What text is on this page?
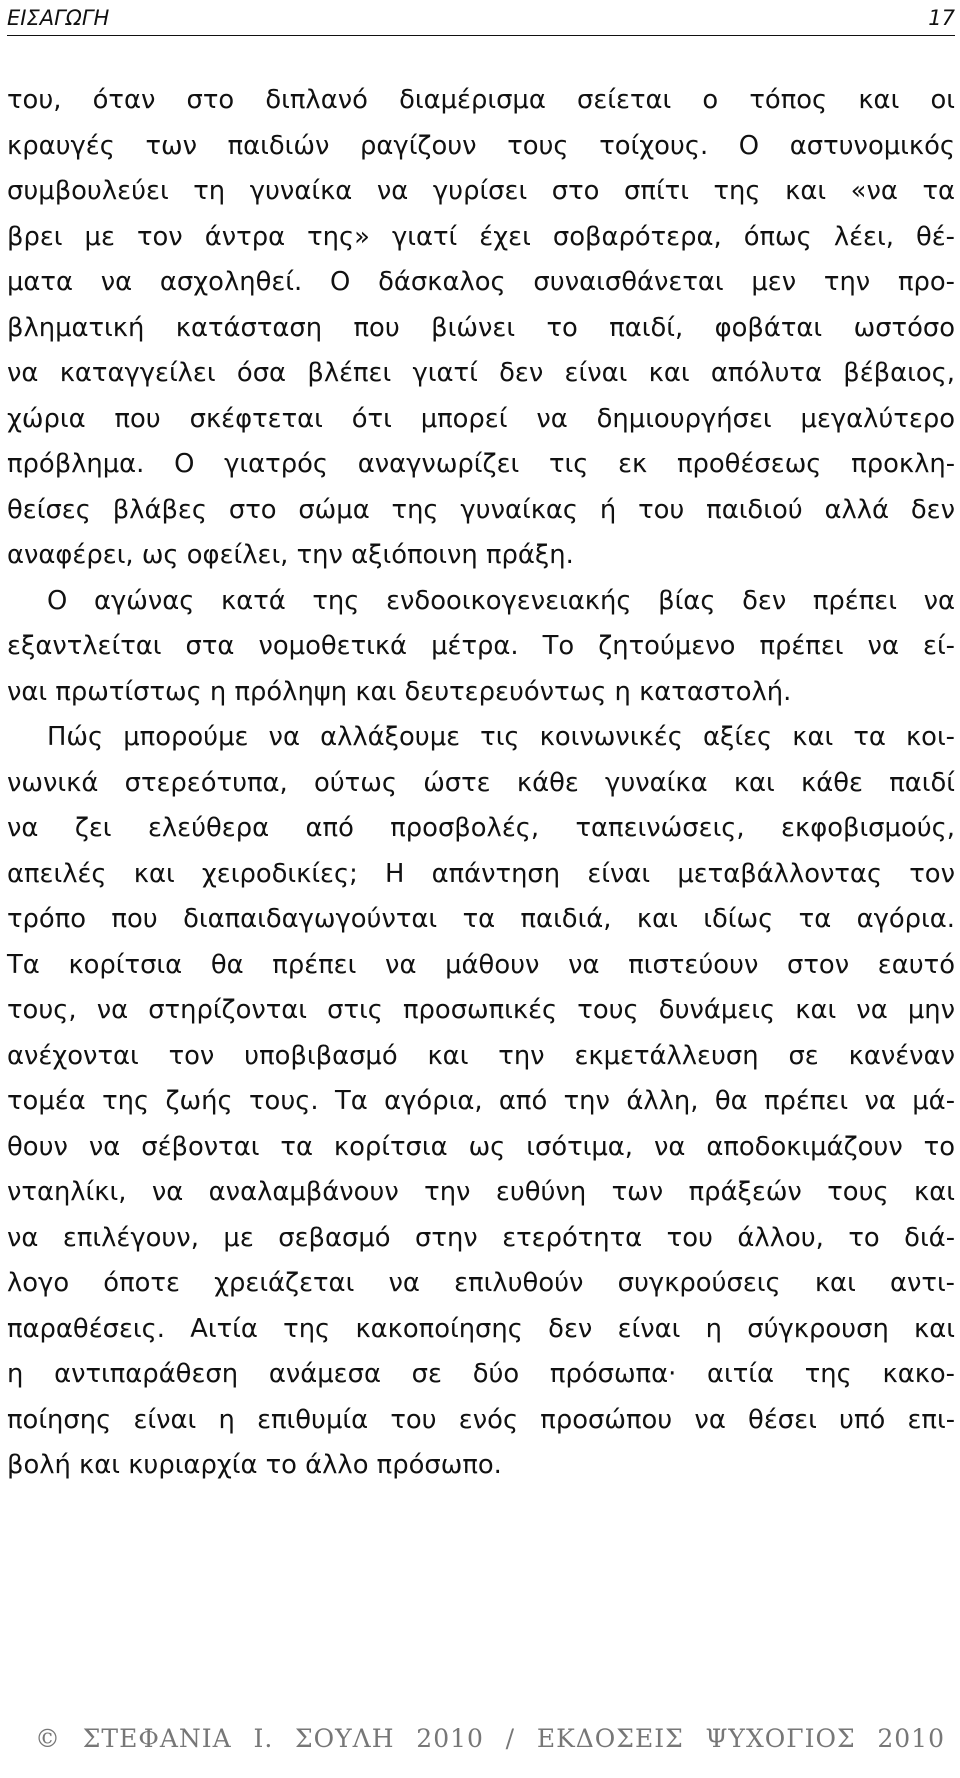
ΕΙΣΑΓΩΓΗ	17
του, όταν στο διπλανό διαμέρισμα σείεται ο τόπος και οι
κραυγές των παιδιών ραγίζουν τους τοίχους. Ο αστυνομικός
συμβουλεύει τη γυναίκα να γυρίσει στο σπίτι της και «να τα
βρει με τον άντρα της» γιατί έχει σοβαρότερα, όπως λέει, θέ-
ματα να ασχοληθεί. Ο δάσκαλος συναισθάνεται μεν την προ-
βληματική κατάσταση που βιώνει το παιδί, φοβάται ωστόσο
να καταγγείλει όσα βλέπει γιατί δεν είναι και απόλυτα βέβαιος,
χώρια που σκέφτεται ότι μπορεί να δημιουργήσει μεγαλύτερο
πρόβλημα. Ο γιατρός αναγνωρίζει τις εκ προθέσεως προκλη-
θείσες βλάβες στο σώμα της γυναίκας ή του παιδιού αλλά δεν
αναφέρει, ως οφείλει, την αξιόποινη πράξη.
Ο αγώνας κατά της ενδοοικογενειακής βίας δεν πρέπει να
εξαντλείται στα νομοθετικά μέτρα. Το ζητούμενο πρέπει να εί-
ναι πρωτίστως η πρόληψη και δευτερευόντως η καταστολή.
Πώς μπορούμε να αλλάξουμε τις κοινωνικές αξίες και τα κοι-
νωνικά στερεότυπα, ούτως ώστε κάθε γυναίκα και κάθε παιδί
να ζει ελεύθερα από προσβολές, ταπεινώσεις, εκφοβισμούς,
απειλές και χειροδικίες; Η απάντηση είναι μεταβάλλοντας τον
τρόπο που διαπαιδαγωγούνται τα παιδιά, και ιδίως τα αγόρια.
Τα κορίτσια θα πρέπει να μάθουν να πιστεύουν στον εαυτό
τους, να στηρίζονται στις προσωπικές τους δυνάμεις και να μην
ανέχονται τον υποβιβασμό και την εκμετάλλευση σε κανέναν
τομέα της ζωής τους. Τα αγόρια, από την άλλη, θα πρέπει να μά-
θουν να σέβονται τα κορίτσια ως ισότιμα, να αποδοκιμάζουν το
νταηλίκι, να αναλαμβάνουν την ευθύνη των πράξεών τους και
να επιλέγουν, με σεβασμό στην ετερότητα του άλλου, το διά-
λογο όποτε χρειάζεται να επιλυθούν συγκρούσεις και αντι-
παραθέσεις. Αιτία της κακοποίησης δεν είναι η σύγκρουση και
η αντιπαράθεση ανάμεσα σε δύο πρόσωπα· αιτία της κακο-
ποίησης είναι η επιθυμία του ενός προσώπου να θέσει υπό επι-
βολή και κυριαρχία το άλλο πρόσωπο.
© ΣΤΕΦΑΝΙΑ Ι. ΣΟΥΛΗ 2010 / ΕΚΔΟΣΕΙΣ ΨΥΧΟΓΙΟΣ 2010
